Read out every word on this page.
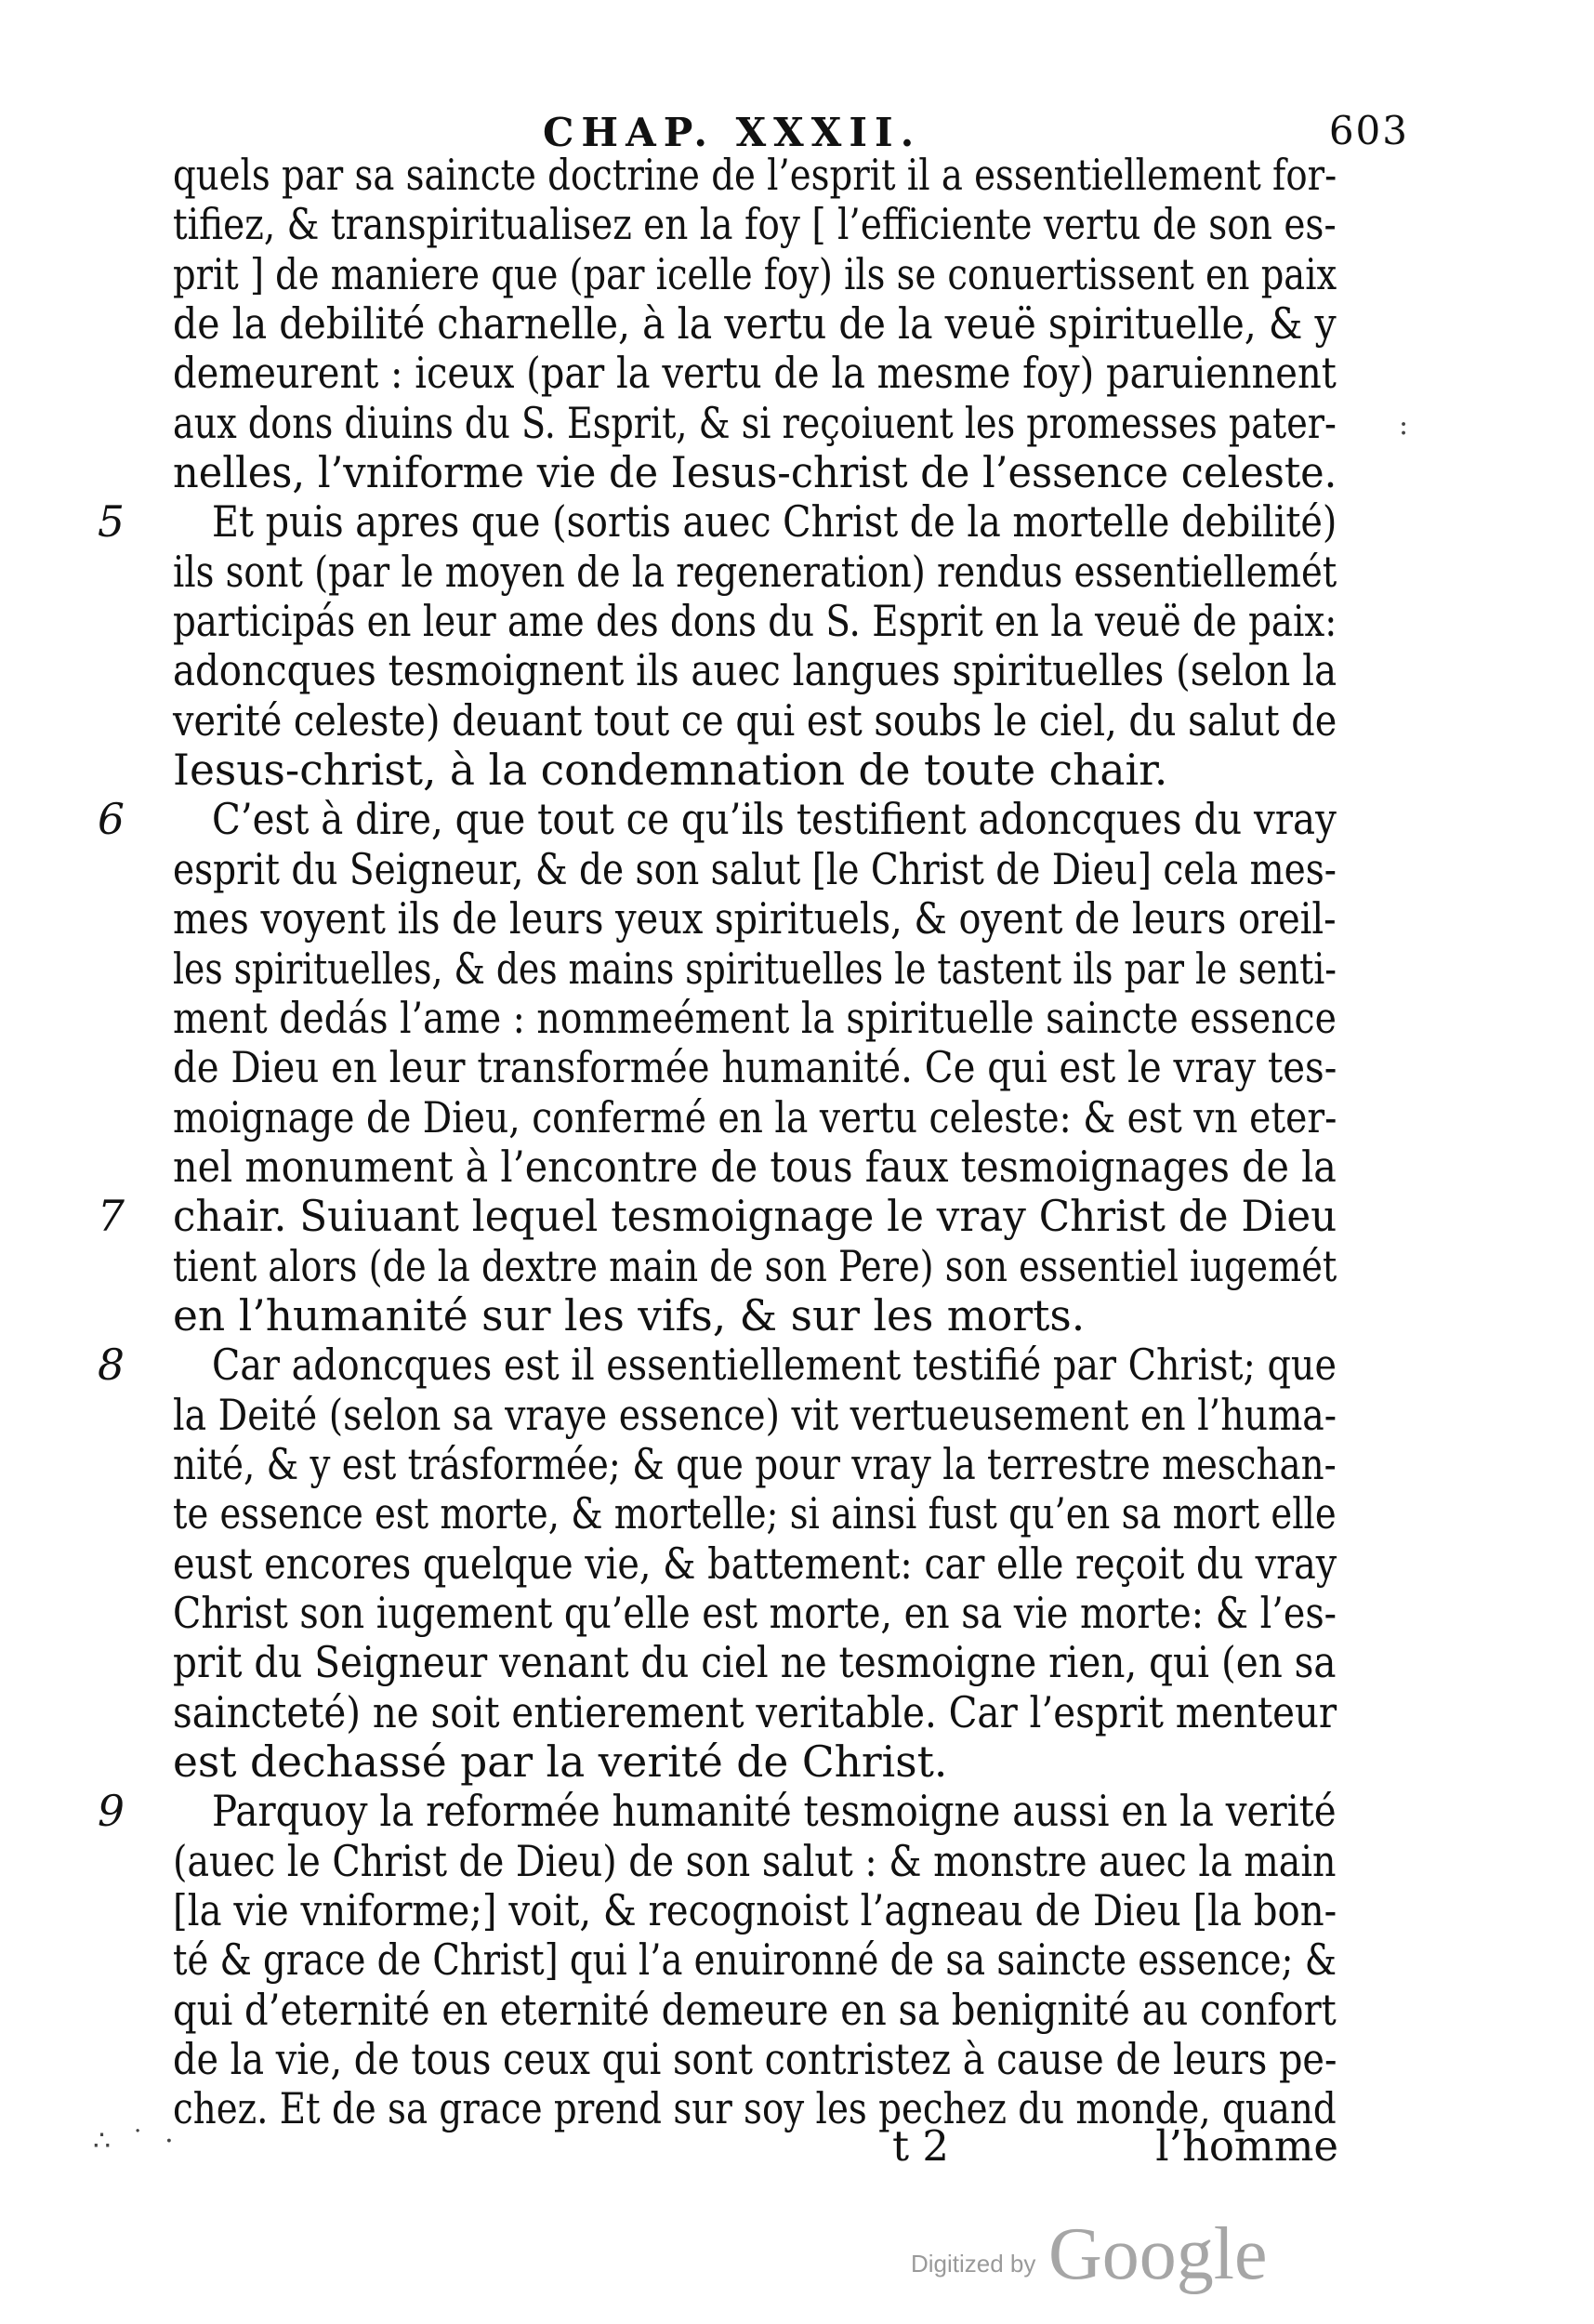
CHAP. XXXII.	603
quels par sa saincte doctrine de l’esprit il a essentiellement for-
tifiez, & transpiritualisez en la foy [ l’efficiente vertu de son es-
prit ] de maniere que (par icelle foy) ils se conuertissent en paix
de la debilité charnelle, à la vertu de la veuë spirituelle, & y
demeurent : iceux (par la vertu de la mesme foy) paruiennent
aux dons diuins du S. Esprit, & si reçoiuent les promesses pater-
nelles, l’vniforme vie de Iesus-christ de l’essence celeste.
5	Et puis apres que (sortis auec Christ de la mortelle debilité)
ils sont (par le moyen de la regeneration) rendus essentiellemét
participás en leur ame des dons du S. Esprit en la veuë de paix:
adoncques tesmoignent ils auec langues spirituelles (selon la
verité celeste) deuant tout ce qui est soubs le ciel, du salut de
Iesus-christ, à la condemnation de toute chair.
6	C’est à dire, que tout ce qu’ils testifient adoncques du vray
esprit du Seigneur, & de son salut [le Christ de Dieu] cela mes-
mes voyent ils de leurs yeux spirituels, & oyent de leurs oreil-
les spirituelles, & des mains spirituelles le tastent ils par le senti-
ment dedás l’ame : nommeément la spirituelle saincte essence
de Dieu en leur transformée humanité. Ce qui est le vray tes-
moignage de Dieu, confermé en la vertu celeste: & est vn eter-
nel monument à l’encontre de tous faux tesmoignages de la
7	chair. Suiuant lequel tesmoignage le vray Christ de Dieu
tient alors (de la dextre main de son Pere) son essentiel iugemét
en l’humanité sur les vifs, & sur les morts.
8	Car adoncques est il essentiellement testifié par Christ; que
la Deité (selon sa vraye essence) vit vertueusement en l’huma-
nité, & y est trásformée; & que pour vray la terrestre meschan-
te essence est morte, & mortelle; si ainsi fust qu’en sa mort elle
eust encores quelque vie, & battement: car elle reçoit du vray
Christ son iugement qu’elle est morte, en sa vie morte: & l’es-
prit du Seigneur venant du ciel ne tesmoigne rien, qui (en sa
saincteté) ne soit entierement veritable. Car l’esprit menteur
est dechassé par la verité de Christ.
9	Parquoy la reformée humanité tesmoigne aussi en la verité
(auec le Christ de Dieu) de son salut : & monstre auec la main
[la vie vniforme;] voit, & recognoist l’agneau de Dieu [la bon-
té & grace de Christ] qui l’a enuironné de sa saincte essence; &
qui d’eternité en eternité demeure en sa benignité au confort
de la vie, de tous ceux qui sont contristez à cause de leurs pe-
chez. Et de sa grace prend sur soy les pechez du monde, quand
:
∴ ˙ ·	t 2	l’homme
Digitized by Google
